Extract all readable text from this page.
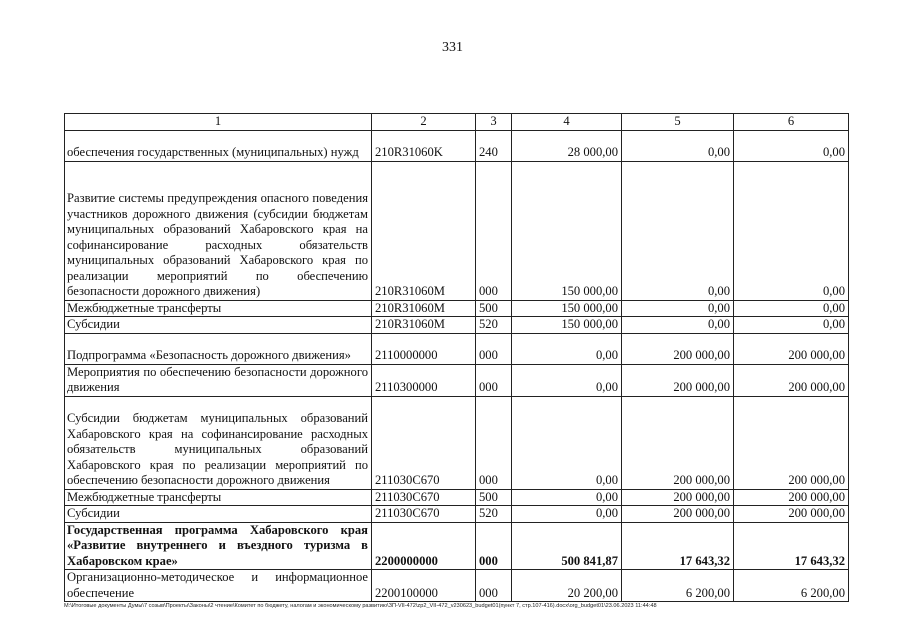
331
1	2	3	4	5	6
обеспечения государственных (муниципальных) нужд	210R31060K	240	28 000,00	0,00	0,00
Развитие системы предупреждения опасного поведения участников дорожного движения (субсидии бюджетам муниципальных образований Хабаровского края на софинансирование расходных обязательств муниципальных образований Хабаровского края по реализации мероприятий по обеспечению безопасности дорожного движения)	210R31060M	000	150 000,00	0,00	0,00
Межбюджетные трансферты	210R31060M	500	150 000,00	0,00	0,00
Субсидии	210R31060M	520	150 000,00	0,00	0,00
Подпрограмма «Безопасность дорожного движения»	2110000000	000	0,00	200 000,00	200 000,00
Мероприятия по обеспечению безопасности дорожного движения	2110300000	000	0,00	200 000,00	200 000,00
Субсидии бюджетам муниципальных образований Хабаровского края на софинансирование расходных обязательств муниципальных образований Хабаровского края по реализации мероприятий по обеспечению безопасности дорожного движения	211030С670	000	0,00	200 000,00	200 000,00
Межбюджетные трансферты	211030С670	500	0,00	200 000,00	200 000,00
Субсидии	211030С670	520	0,00	200 000,00	200 000,00
Государственная программа Хабаровского края «Развитие внутреннего и въездного туризма в Хабаровском крае»	2200000000	000	500 841,87	17 643,32	17 643,32
Организационно-методическое и информационное обеспечение	2200100000	000	20 200,00	6 200,00	6 200,00
М:\Итоговые документы Думы\7 созыв\Проекты\Законы\2 чтение\Комитет по бюджету, налогам и экономическому развитию\ЗП-VII-472\zp2_VII-472_v230623_budget01(пункт 7, стр.107-416).docx\org_budget01\23.06.2023 11:44:48
